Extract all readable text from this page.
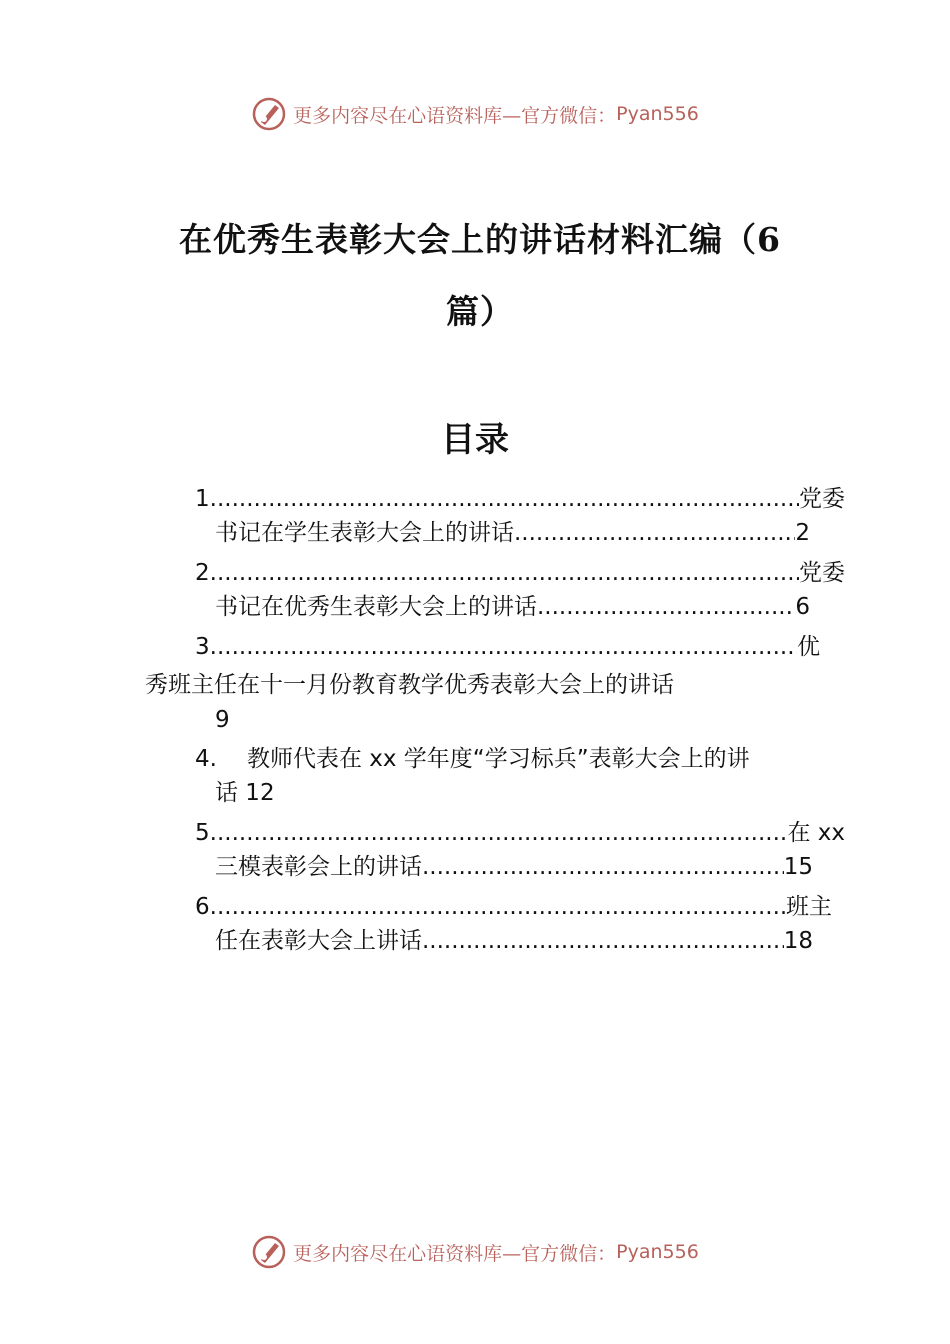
更多内容尽在心语资料库—官方微信： Pyan556
在优秀生表彰大会上的讲话材料汇编（6
篇）
目录
1. .....	党委
书记在学生表彰大会上的讲话 .....	2
2. .....	党委
书记在优秀生表彰大会上的讲话 .....	6
3. .....	优
秀班主任在十一月份教育教学优秀表彰大会上的讲话
9
4. 教师代表在 xx 学年度“学习标兵”表彰大会上的讲
话 12
5. .....	在 xx
三模表彰会上的讲话 .....	15
6. .....	班主
任在表彰大会上讲话 .....	18
更多内容尽在心语资料库—官方微信： Pyan556
